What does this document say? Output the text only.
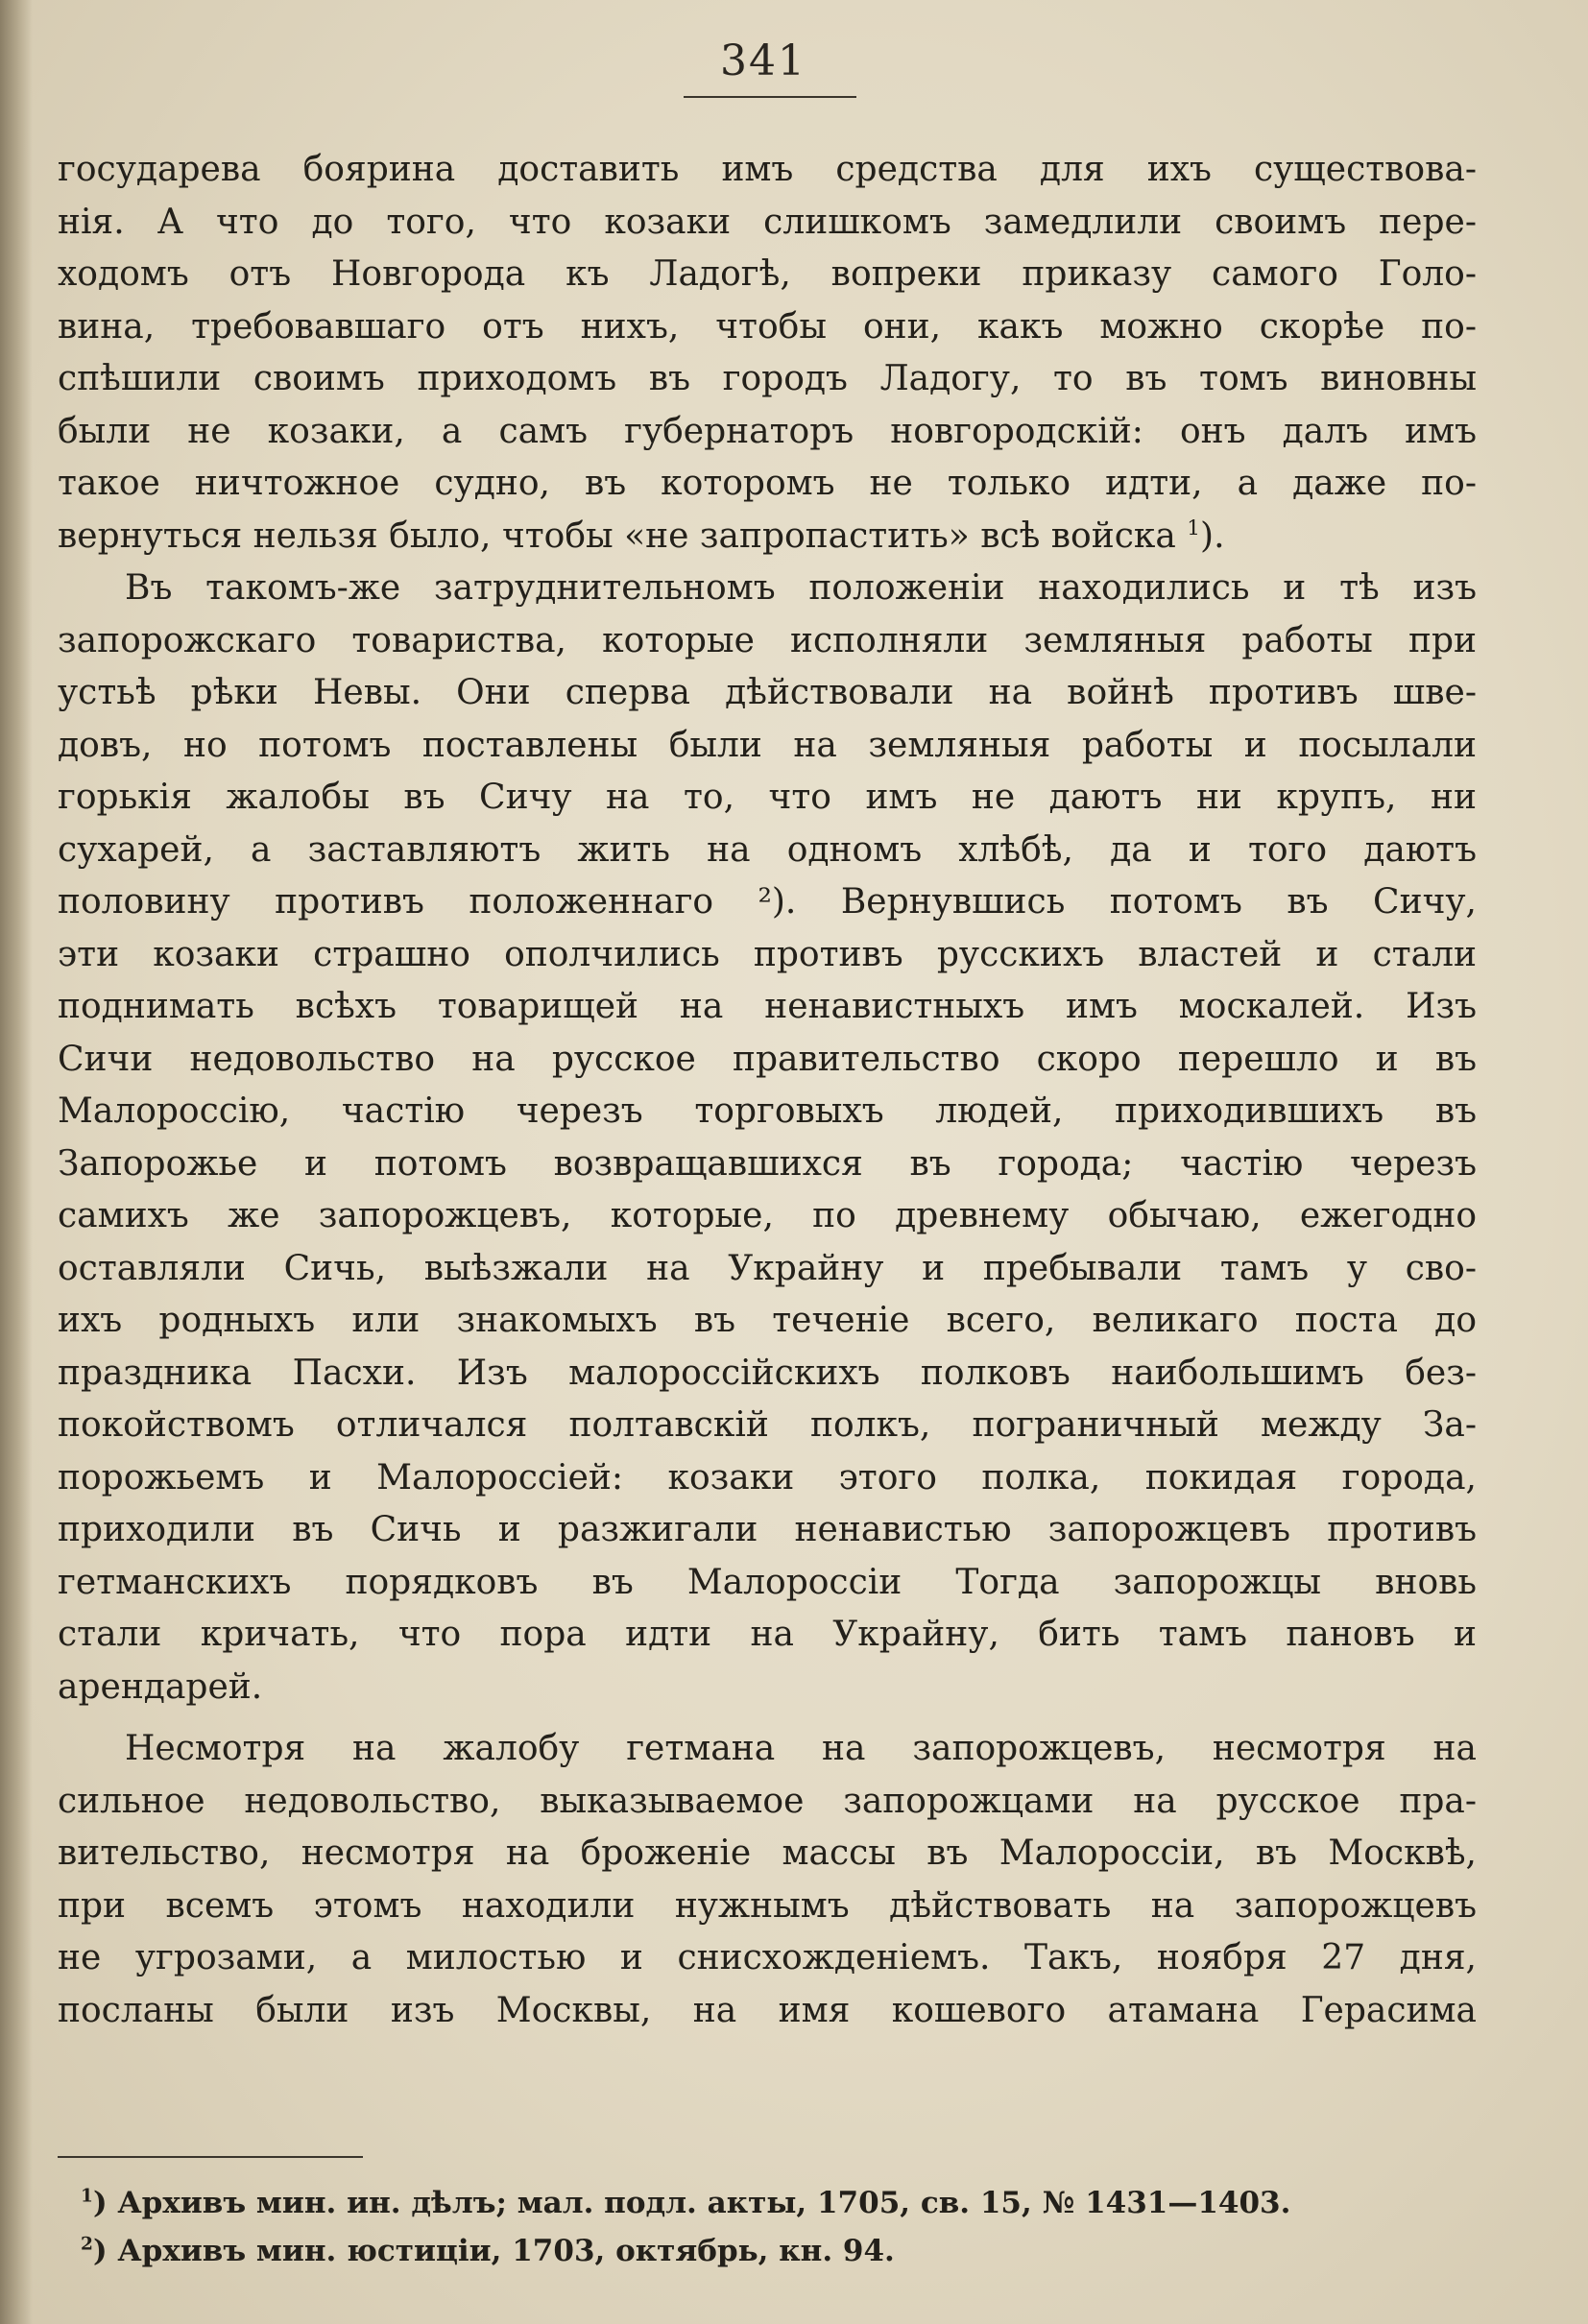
341
государева боярина доставить имъ средства для ихъ существова-
нія. А что до того, что козаки слишкомъ замедлили своимъ пере-
ходомъ отъ Новгорода къ Ладогѣ, вопреки приказу самого Голо-
вина, требовавшаго отъ нихъ, чтобы они, какъ можно скорѣе по-
спѣшили своимъ приходомъ въ городъ Ладогу, то въ томъ виновны
были не козаки, а самъ губернаторъ новгородскій: онъ далъ имъ
такое ничтожное судно, въ которомъ не только идти, а даже по-
вернуться нельзя было, чтобы «не запропастить» всѣ войска $^1$).
Въ такомъ-же затруднительномъ положеніи находились и тѣ изъ
запорожскаго товариства, которые исполняли земляныя работы при
устьѣ рѣки Невы. Они сперва дѣйствовали на войнѣ противъ шве-
довъ, но потомъ поставлены были на земляныя работы и посылали
горькія жалобы въ Сичу на то, что имъ не даютъ ни крупъ, ни
сухарей, а заставляютъ жить на одномъ хлѣбѣ, да и того даютъ
половину противъ положеннаго ²). Вернувшись потомъ въ Сичу,
эти козаки страшно ополчились противъ русскихъ властей и стали
поднимать всѣхъ товарищей на ненавистныхъ имъ москалей. Изъ
Сичи недовольство на русское правительство скоро перешло и въ
Малороссію, частію черезъ торговыхъ людей, приходившихъ въ
Запорожье и потомъ возвращавшихся въ города; частію черезъ
самихъ же запорожцевъ, которые, по древнему обычаю, ежегодно
оставляли Сичь, выѣзжали на Украйну и пребывали тамъ у сво-
ихъ родныхъ или знакомыхъ въ теченіе всего, великаго поста до
праздника Пасхи. Изъ малороссійскихъ полковъ наибольшимъ без-
покойствомъ отличался полтавскій полкъ, пограничный между За-
порожьемъ и Малороссіей: козаки этого полка, покидая города,
приходили въ Сичь и разжигали ненавистью запорожцевъ противъ
гетманскихъ порядковъ въ Малороссіи Тогда запорожцы вновь
стали кричать, что пора идти на Украйну, бить тамъ пановъ и
арендарей.
Несмотря на жалобу гетмана на запорожцевъ, несмотря на
сильное недовольство, выказываемое запорожцами на русское пра-
вительство, несмотря на броженіе массы въ Малороссіи, въ Москвѣ,
при всемъ этомъ находили нужнымъ дѣйствовать на запорожцевъ
не угрозами, а милостью и снисхожденіемъ. Такъ, ноября 27 дня,
посланы были изъ Москвы, на имя кошевого атамана Герасима
$^1$) Архивъ мин. ин. дѣлъ; мал. подл. акты, 1705, св. 15, № 1431—1403.
$^2$) Архивъ мин. юстиціи, 1703, октябрь, кн. 94.
